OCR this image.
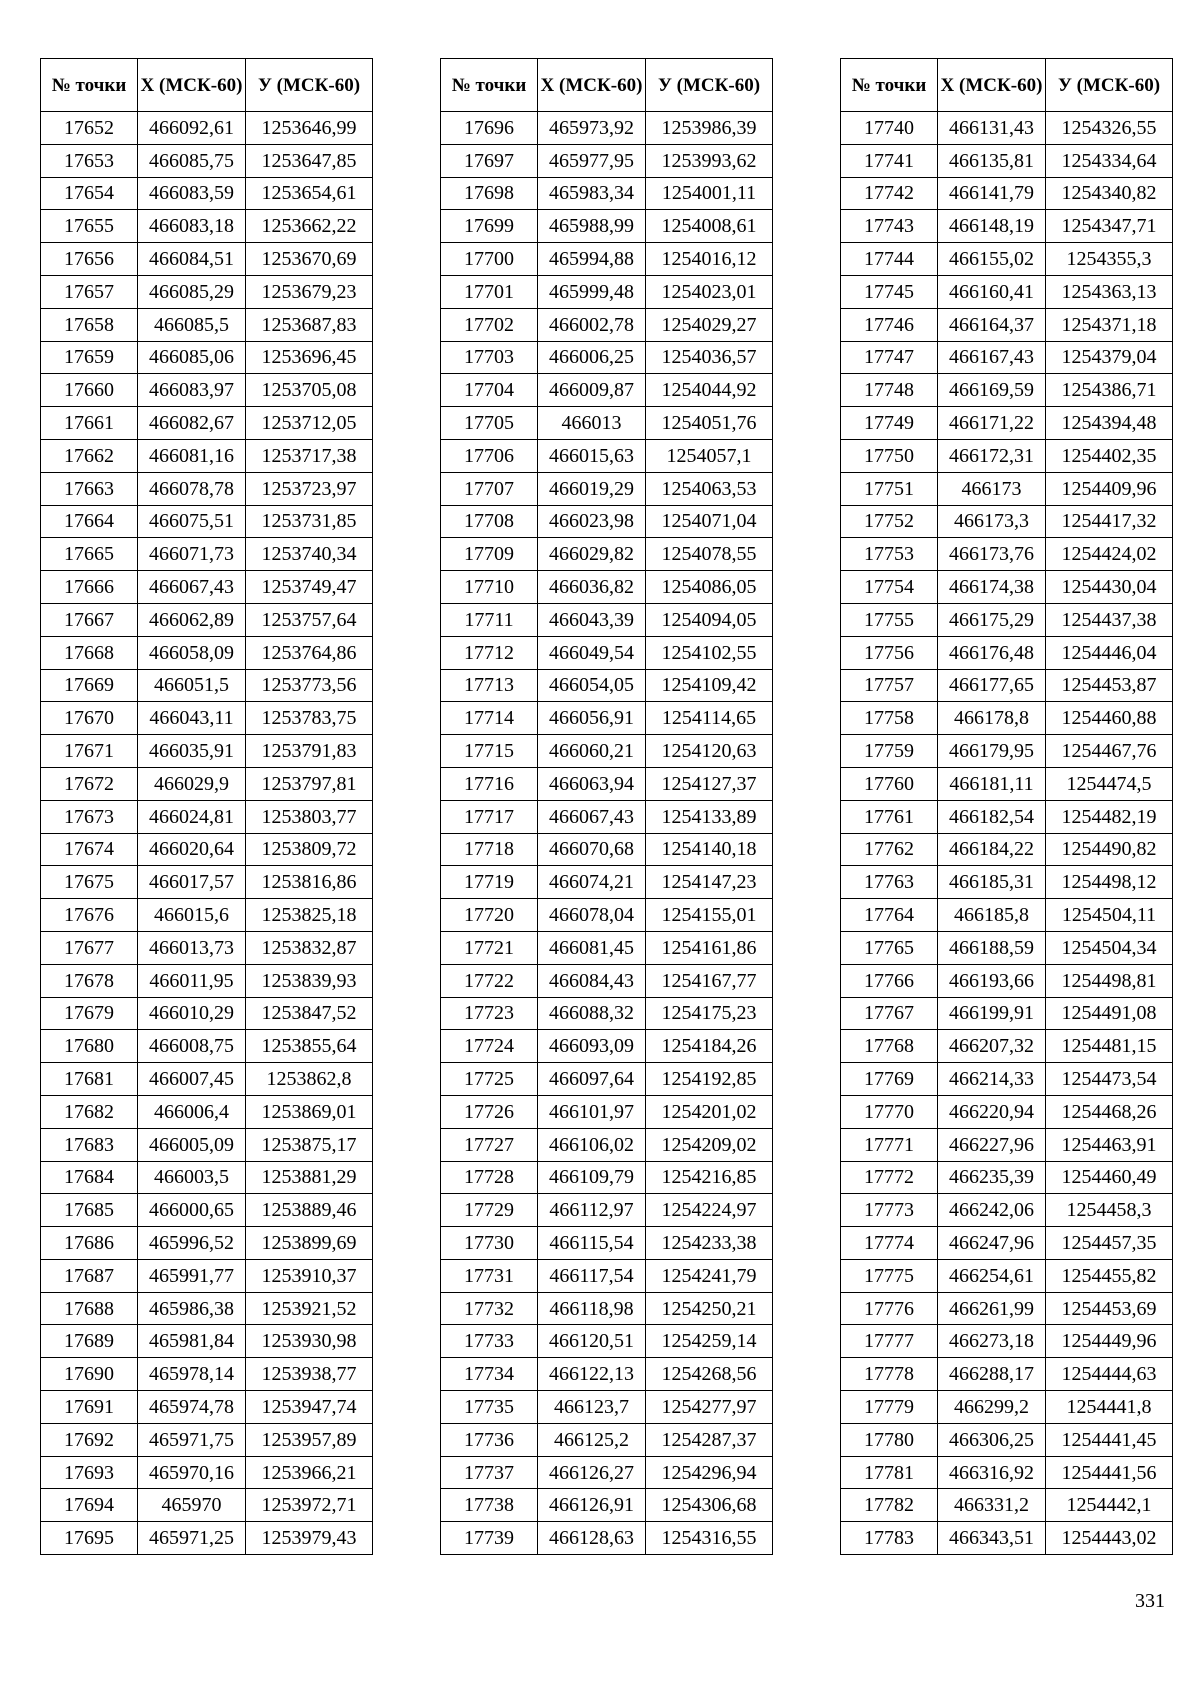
№ точки	Х (МСК-60)	У (МСК-60)
17652	466092,61	1253646,99
17653	466085,75	1253647,85
17654	466083,59	1253654,61
17655	466083,18	1253662,22
17656	466084,51	1253670,69
17657	466085,29	1253679,23
17658	466085,5	1253687,83
17659	466085,06	1253696,45
17660	466083,97	1253705,08
17661	466082,67	1253712,05
17662	466081,16	1253717,38
17663	466078,78	1253723,97
17664	466075,51	1253731,85
17665	466071,73	1253740,34
17666	466067,43	1253749,47
17667	466062,89	1253757,64
17668	466058,09	1253764,86
17669	466051,5	1253773,56
17670	466043,11	1253783,75
17671	466035,91	1253791,83
17672	466029,9	1253797,81
17673	466024,81	1253803,77
17674	466020,64	1253809,72
17675	466017,57	1253816,86
17676	466015,6	1253825,18
17677	466013,73	1253832,87
17678	466011,95	1253839,93
17679	466010,29	1253847,52
17680	466008,75	1253855,64
17681	466007,45	1253862,8
17682	466006,4	1253869,01
17683	466005,09	1253875,17
17684	466003,5	1253881,29
17685	466000,65	1253889,46
17686	465996,52	1253899,69
17687	465991,77	1253910,37
17688	465986,38	1253921,52
17689	465981,84	1253930,98
17690	465978,14	1253938,77
17691	465974,78	1253947,74
17692	465971,75	1253957,89
17693	465970,16	1253966,21
17694	465970	1253972,71
17695	465971,25	1253979,43
№ точки	Х (МСК-60)	У (МСК-60)
17696	465973,92	1253986,39
17697	465977,95	1253993,62
17698	465983,34	1254001,11
17699	465988,99	1254008,61
17700	465994,88	1254016,12
17701	465999,48	1254023,01
17702	466002,78	1254029,27
17703	466006,25	1254036,57
17704	466009,87	1254044,92
17705	466013	1254051,76
17706	466015,63	1254057,1
17707	466019,29	1254063,53
17708	466023,98	1254071,04
17709	466029,82	1254078,55
17710	466036,82	1254086,05
17711	466043,39	1254094,05
17712	466049,54	1254102,55
17713	466054,05	1254109,42
17714	466056,91	1254114,65
17715	466060,21	1254120,63
17716	466063,94	1254127,37
17717	466067,43	1254133,89
17718	466070,68	1254140,18
17719	466074,21	1254147,23
17720	466078,04	1254155,01
17721	466081,45	1254161,86
17722	466084,43	1254167,77
17723	466088,32	1254175,23
17724	466093,09	1254184,26
17725	466097,64	1254192,85
17726	466101,97	1254201,02
17727	466106,02	1254209,02
17728	466109,79	1254216,85
17729	466112,97	1254224,97
17730	466115,54	1254233,38
17731	466117,54	1254241,79
17732	466118,98	1254250,21
17733	466120,51	1254259,14
17734	466122,13	1254268,56
17735	466123,7	1254277,97
17736	466125,2	1254287,37
17737	466126,27	1254296,94
17738	466126,91	1254306,68
17739	466128,63	1254316,55
№ точки	Х (МСК-60)	У (МСК-60)
17740	466131,43	1254326,55
17741	466135,81	1254334,64
17742	466141,79	1254340,82
17743	466148,19	1254347,71
17744	466155,02	1254355,3
17745	466160,41	1254363,13
17746	466164,37	1254371,18
17747	466167,43	1254379,04
17748	466169,59	1254386,71
17749	466171,22	1254394,48
17750	466172,31	1254402,35
17751	466173	1254409,96
17752	466173,3	1254417,32
17753	466173,76	1254424,02
17754	466174,38	1254430,04
17755	466175,29	1254437,38
17756	466176,48	1254446,04
17757	466177,65	1254453,87
17758	466178,8	1254460,88
17759	466179,95	1254467,76
17760	466181,11	1254474,5
17761	466182,54	1254482,19
17762	466184,22	1254490,82
17763	466185,31	1254498,12
17764	466185,8	1254504,11
17765	466188,59	1254504,34
17766	466193,66	1254498,81
17767	466199,91	1254491,08
17768	466207,32	1254481,15
17769	466214,33	1254473,54
17770	466220,94	1254468,26
17771	466227,96	1254463,91
17772	466235,39	1254460,49
17773	466242,06	1254458,3
17774	466247,96	1254457,35
17775	466254,61	1254455,82
17776	466261,99	1254453,69
17777	466273,18	1254449,96
17778	466288,17	1254444,63
17779	466299,2	1254441,8
17780	466306,25	1254441,45
17781	466316,92	1254441,56
17782	466331,2	1254442,1
17783	466343,51	1254443,02
331
